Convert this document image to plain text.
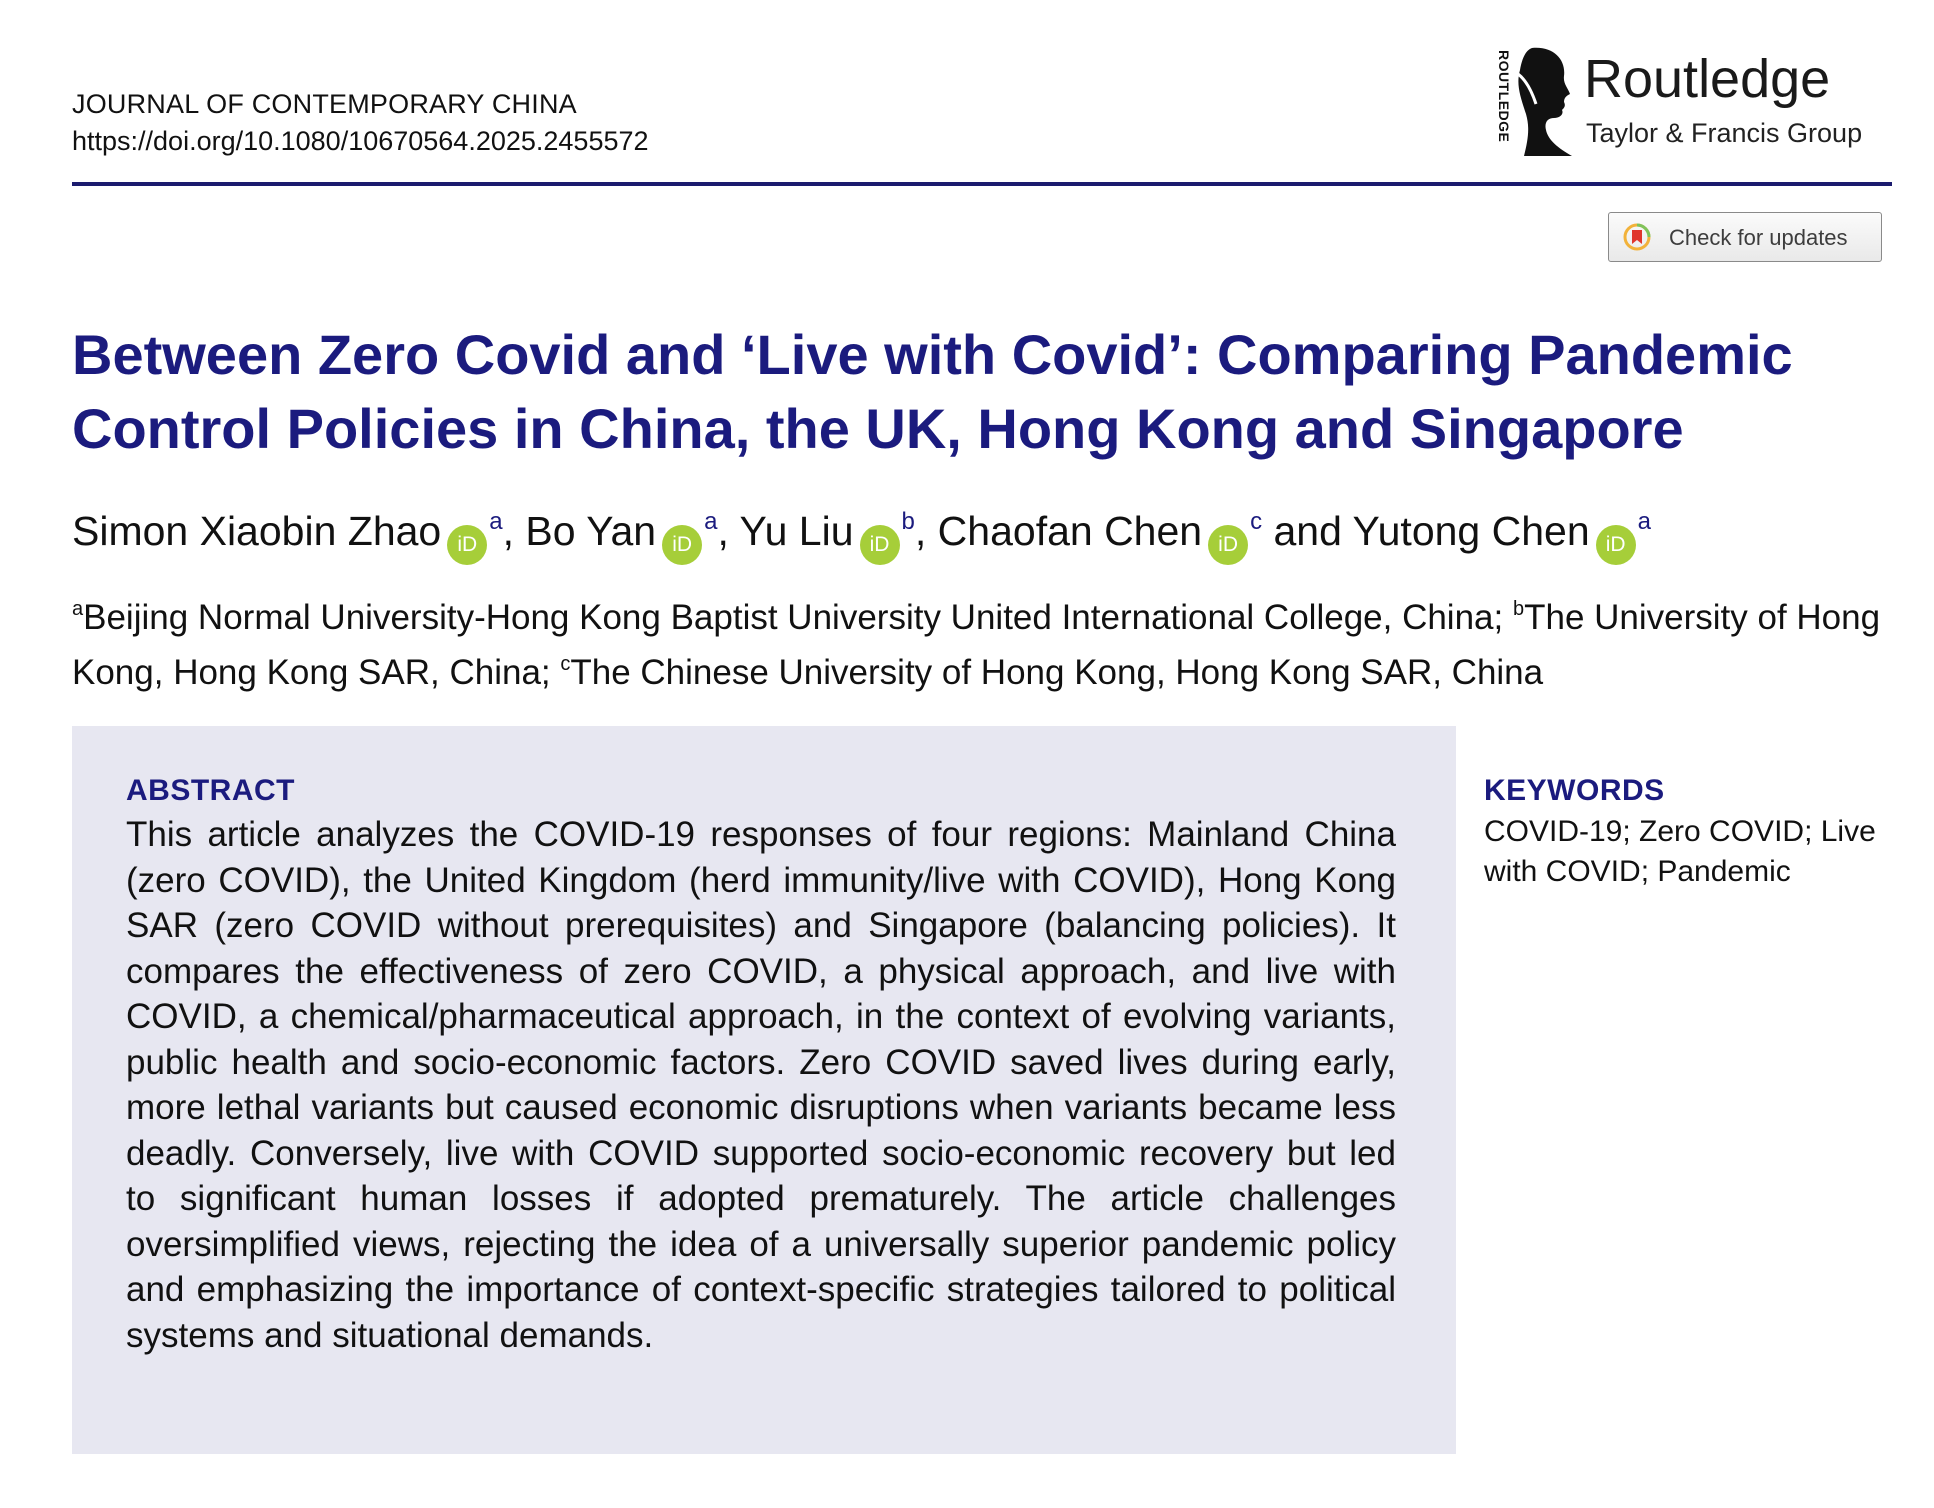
JOURNAL OF CONTEMPORARY CHINA
https://doi.org/10.1080/10670564.2025.2455572	ROUTLEDGE Routledge
Taylor & Francis Group
Check for updates
Between Zero Covid and ‘Live with Covid’: Comparing Pandemic Control Policies in China, the UK, Hong Kong and Singapore
Simon Xiaobin Zhao $iD^a$, Bo Yan $iD^a$, Yu Liu $iD^b$, Chaofan Chen $iD^c$ and Yutong Chen $iD^a$
$^a$Beijing Normal University-Hong Kong Baptist University United International College, China; $^b$The University of Hong Kong, Hong Kong SAR, China; $^c$The Chinese University of Hong Kong, Hong Kong SAR, China
ABSTRACT
This article analyzes the COVID-19 responses of four regions: Mainland China (zero COVID), the United Kingdom (herd immunity/live with COVID), Hong Kong SAR (zero COVID without prerequisites) and Singapore (balancing policies). It compares the effectiveness of zero COVID, a physical approach, and live with COVID, a chemical/pharmaceutical approach, in the context of evolving variants, public health and socio-economic factors. Zero COVID saved lives during early, more lethal variants but caused economic disruptions when variants became less deadly. Conversely, live with COVID supported socio-economic recovery but led to significant human losses if adopted prematurely. The article challenges oversimplified views, rejecting the idea of a universally superior pandemic policy and emphasizing the importance of context-specific strategies tailored to political systems and situational demands.
KEYWORDS
COVID-19; Zero COVID; Live with COVID; Pandemic
